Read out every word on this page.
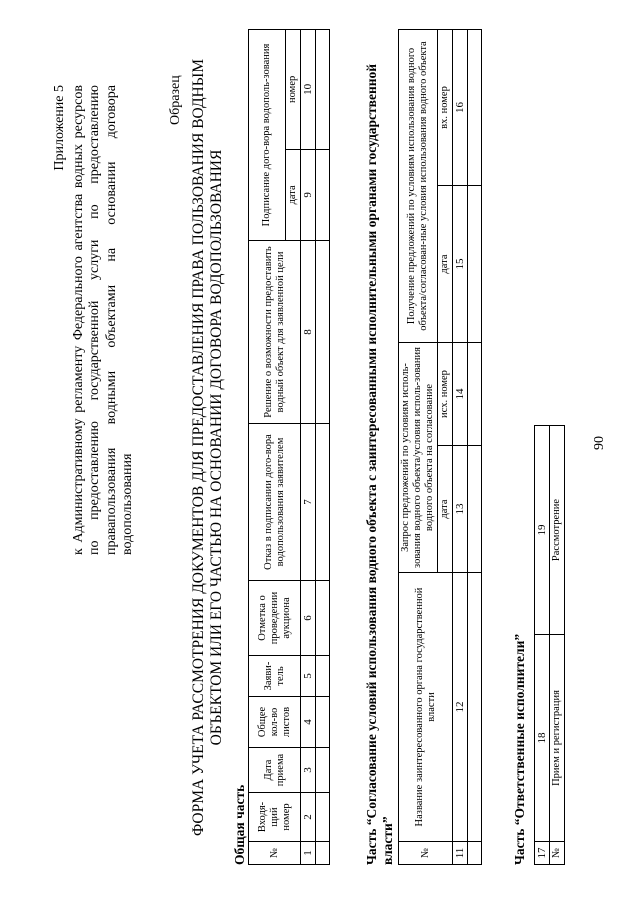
Приложение 5 к Административному регламенту Федерального агентства водных ресурсов по предоставлению государственной услуги по предоставлению правапользования водными объектами на основании договора водопользования
Образец ФОРМА УЧЕТА РАССМОТРЕНИЯ ДОКУМЕНТОВ ДЛЯ ПРЕДОСТАВЛЕНИЯ ПРАВА ПОЛЬЗОВАНИЯ ВОДНЫМ ОБЪЕКТОМ ИЛИ ЕГО ЧАСТЬЮ НА ОСНОВАНИИ ДОГОВОРА ВОДОПОЛЬЗОВАНИЯ
Общая часть №	Входя-щий номер	Дата приема	Общее кол-во листов	Заяви-тель	Отметка о проведении аукциона	Отказ в подписании дого-вора водопользования заявителем	Решение о возможности предоставить водный объект для заявленной цели	Подписание дого-вора водополь-зования	
								дата	номер
1	2	3	4	5	6	7	8	9	10
										Часть “Согласование условий использования водного объекта с заинтересованными исполнительными органами государственной власти” №	Название заинтересованного органа государственной власти	Запрос предложений по условиям исполь-зования водного объекта/условия исполь-зования водного объекта на согласование		Получение предложений по условиям использования водного объекта/согласован-ные условия использования водного объекта	
		дата	исх. номер	дата	вх. номер
11	12	13	14	15	16

Часть “Ответственные исполнители” 17	18	19
№	Прием и регистрация	Рассмотрение
90
